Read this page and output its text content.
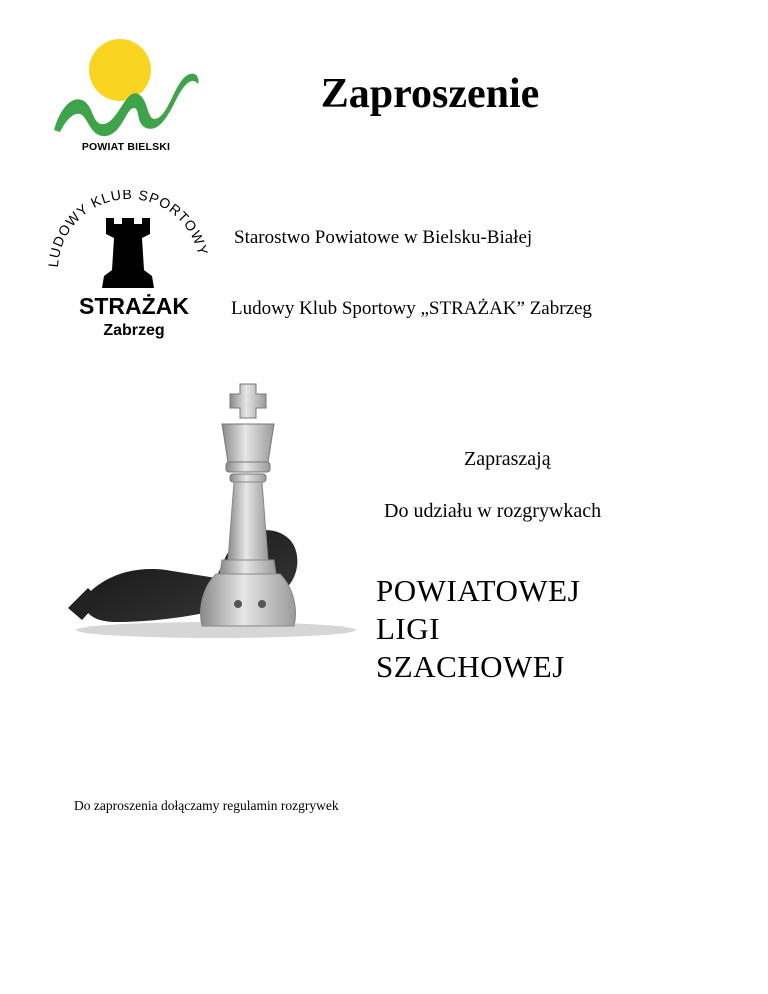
POWIAT BIELSKI
Zaproszenie
LUDOWY KLUB SPORTOWY
STRAŻAK
Zabrzeg
Starostwo Powiatowe w Bielsku-Białej
Ludowy Klub Sportowy „STRAŻAK” Zabrzeg
Zapraszają
Do udziału w rozgrywkach
POWIATOWEJ
LIGI
SZACHOWEJ
Do zaproszenia dołączamy regulamin rozgrywek
